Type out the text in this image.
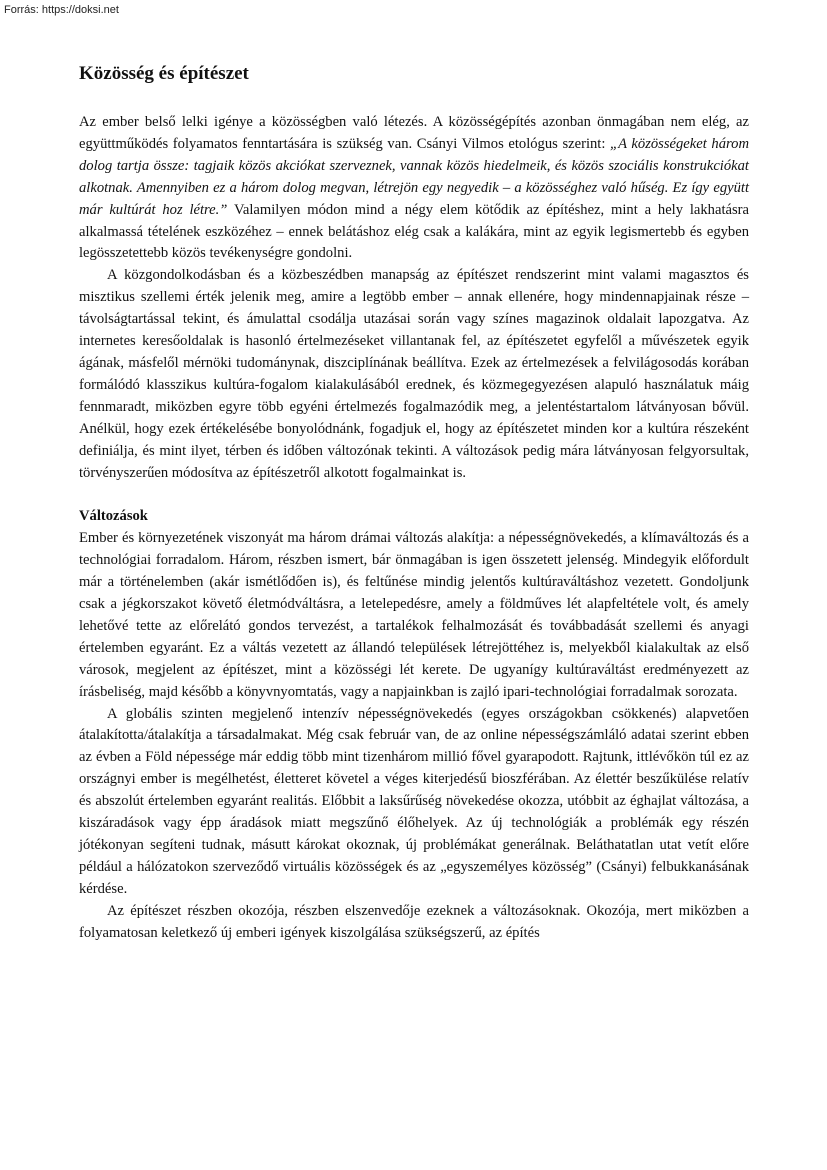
Forrás: https://doksi.net
Közösség és építészet

Az ember belső lelki igénye a közösségben való létezés. A közösségépítés azonban önmagában nem elég, az együttműködés folyamatos fenntartására is szükség van. Csányi Vilmos etológus szerint: „A közösségeket három dolog tartja össze: tagjaik közös akciókat szerveznek, vannak közös hiedelmeik, és közös szociális konstrukciókat alkotnak. Amennyiben ez a három dolog megvan, létrejön egy negyedik – a közösséghez való hűség. Ez így együtt már kultúrát hoz létre.” Valamilyen módon mind a négy elem kötődik az építéshez, mint a hely lakhatásra alkalmassá tételének eszközéhez – ennek belátáshoz elég csak a kalákára, mint az egyik legismertebb és egyben legösszetettebb közös tevékenységre gondolni.

A közgondolkodásban és a közbeszédben manapság az építészet rendszerint mint valami magasztos és misztikus szellemi érték jelenik meg, amire a legtöbb ember – annak ellenére, hogy mindennapjainak része – távolságtartással tekint, és ámulattal csodálja utazásai során vagy színes magazinok oldalait lapozgatva. Az internetes keresőoldalak is hasonló értelmezéseket villantanak fel, az építészetet egyfelől a művészetek egyik ágának, másfelől mérnöki tudománynak, diszciplínának beállítva. Ezek az értelmezések a felvilágosodás korában formálódó klasszikus kultúra-fogalom kialakulásából erednek, és közmegegyezésen alapuló használatuk máig fennmaradt, miközben egyre több egyéni értelmezés fogalmazódik meg, a jelentéstartalom látványosan bővül. Anélkül, hogy ezek értékelésébe bonyolódnánk, fogadjuk el, hogy az építészetet minden kor a kultúra részeként definiálja, és mint ilyet, térben és időben változónak tekinti. A változások pedig mára látványosan felgyorsultak, törvényszerűen módosítva az építészetről alkotott fogalmainkat is.

Változások

Ember és környezetének viszonyát ma három drámai változás alakítja: a népességnövekedés, a klímaváltozás és a technológiai forradalom. Három, részben ismert, bár önmagában is igen összetett jelenség. Mindegyik előfordult már a történelemben (akár ismétlődően is), és feltűnése mindig jelentős kultúraváltáshoz vezetett. Gondoljunk csak a jégkorszakot követő életmódváltásra, a letelepedésre, amely a földműves lét alapfeltétele volt, és amely lehetővé tette az előrelátó gondos tervezést, a tartalékok felhalmozását és továbbadását szellemi és anyagi értelemben egyaránt. Ez a váltás vezetett az állandó települések létrejöttéhez is, melyekből kialakultak az első városok, megjelent az építészet, mint a közösségi lét kerete. De ugyanígy kultúraváltást eredményezett az írásbeliség, majd később a könyvnyomtatás, vagy a napjainkban is zajló ipari-technológiai forradalmak sorozata.

A globális szinten megjelenő intenzív népességnövekedés (egyes országokban csökkenés) alapvetően átalakította/átalakítja a társadalmakat. Még csak február van, de az online népességszámláló adatai szerint ebben az évben a Föld népessége már eddig több mint tizenhárom millió fővel gyarapodott. Rajtunk, ittlévőkön túl ez az országnyi ember is megélhetést, életteret követel a véges kiterjedésű bioszférában. Az élettér beszűkülése relatív és abszolút értelemben egyaránt realitás. Előbbit a laksűrűség növekedése okozza, utóbbit az éghajlat változása, a kiszáradások vagy épp áradások miatt megszűnő élőhelyek. Az új technológiák a problémák egy részén jótékonyan segíteni tudnak, másutt károkat okoznak, új problémákat generálnak. Beláthatatlan utat vetít előre például a hálózatokon szerveződő virtuális közösségek és az „egyszemélyes közösség” (Csányi) felbukkanásának kérdése.

Az építészet részben okozója, részben elszenvedője ezeknek a változásoknak. Okozója, mert miközben a folyamatosan keletkező új emberi igények kiszolgálása szükségszerű, az építés
